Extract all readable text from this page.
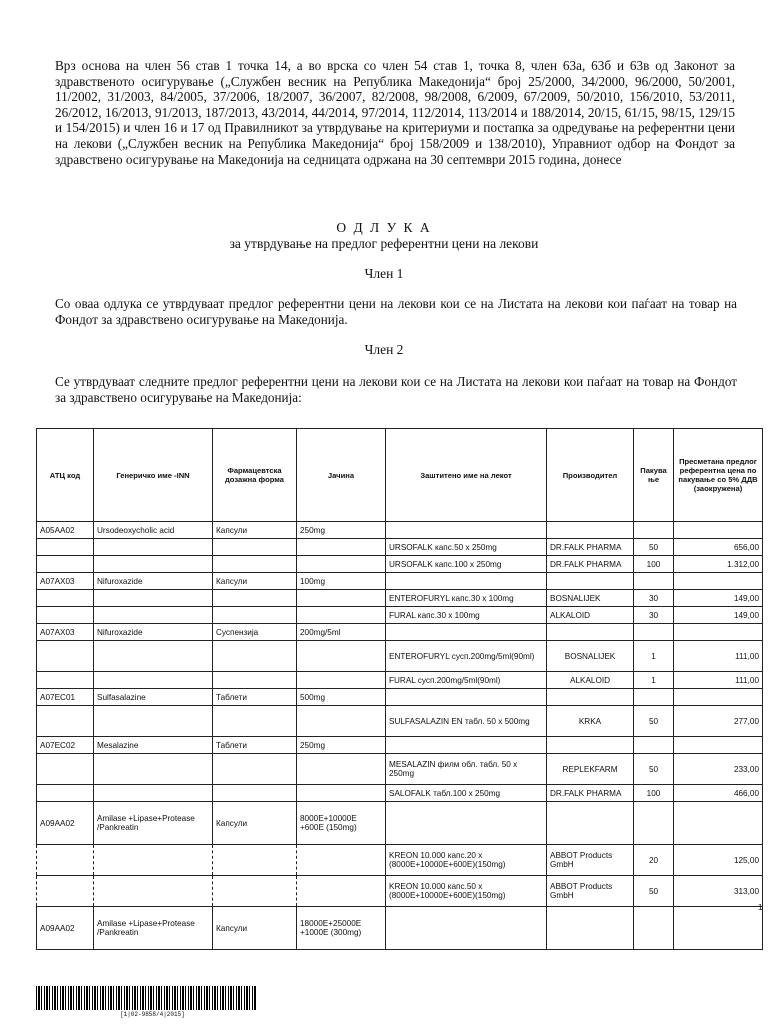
Врз основа на член 56 став 1 точка 14, а во врска со член 54 став 1, точка 8, член 63а, 63б и 63в од Законот за здравственото осигурување („Службен весник на Република Македонија“ број 25/2000, 34/2000, 96/2000, 50/2001, 11/2002, 31/2003, 84/2005, 37/2006, 18/2007, 36/2007, 82/2008, 98/2008, 6/2009, 67/2009, 50/2010, 156/2010, 53/2011, 26/2012, 16/2013, 91/2013, 187/2013, 43/2014, 44/2014, 97/2014, 112/2014, 113/2014 и 188/2014, 20/15, 61/15, 98/15, 129/15 и 154/2015) и член 16 и 17 од Правилникот за утврдување на критериуми и постапка за одредување на референтни цени на лекови („Службен весник на Република Македонија“ број 158/2009 и 138/2010), Управниот одбор на Фондот за здравствено осигурување на Македонија на седницата одржана на 30 септември 2015 година, донесе
О Д Л У К А
за утврдување на предлог референтни цени на лекови
Член 1
Со оваа одлука се утврдуваат предлог референтни цени на лекови кои се на Листата на лекови кои паѓаат на товар на Фондот за здравствено осигурување на Македонија.
Член 2
Се утврдуваат следните предлог референтни цени на лекови кои се на Листата на лекови кои паѓаат на товар на Фондот за здравствено осигурување на Македонија:
АТЦ код	Генеричко име -INN	Фармацевтска дозажна форма	Јачина	Заштитено име на лекот	Производител	Пакува ње	Пресметана предлог референтна цена по пакување со 5% ДДВ (заокружена)
A05AA02	Ursodeoxycholic acid	Капсули	250mg				
				URSOFALK капс.50 x 250mg	DR.FALK PHARMA	50	656,00
				URSOFALK капс.100 x 250mg	DR.FALK PHARMA	100	1.312,00
A07AX03	Nifuroxazide	Капсули	100mg				
				ENTEROFURYL капс.30 x 100mg	BOSNALIJEK	30	149,00
				FURAL капс.30 x 100mg	ALKALOID	30	149,00
A07AX03	Nifuroxazide	Суспензија	200mg/5ml				
				ENTEROFURYL сусп.200mg/5ml(90ml)	BOSNALIJEK	1	111,00
				FURAL сусп.200mg/5ml(90ml)	ALKALOID	1	111,00
A07EC01	Sulfasalazine	Таблети	500mg				
				SULFASALAZIN EN табл. 50 x 500mg	KRKA	50	277,00
A07EC02	Mesalazine	Таблети	250mg				
				MESALAZIN филм обл. табл. 50 x 250mg	REPLEKFARM	50	233,00
				SALOFALK табл.100 x 250mg	DR.FALK PHARMA	100	466,00
A09AA02	Amilase +Lipase+Protease /Pankreatin	Капсули	8000E+10000E +600E (150mg)				
				KREON 10.000 капс.20 x (8000E+10000E+600E)(150mg)	ABBOT Products GmbH	20	125,00
				KREON 10.000 капс.50 x (8000E+10000E+600E)(150mg)	ABBOT Products GmbH	50	313,00
A09AA02	Amilase +Lipase+Protease /Pankreatin	Капсули	18000E+25000E +1000E (300mg)				
1
[1|02-9858/4|2015]
